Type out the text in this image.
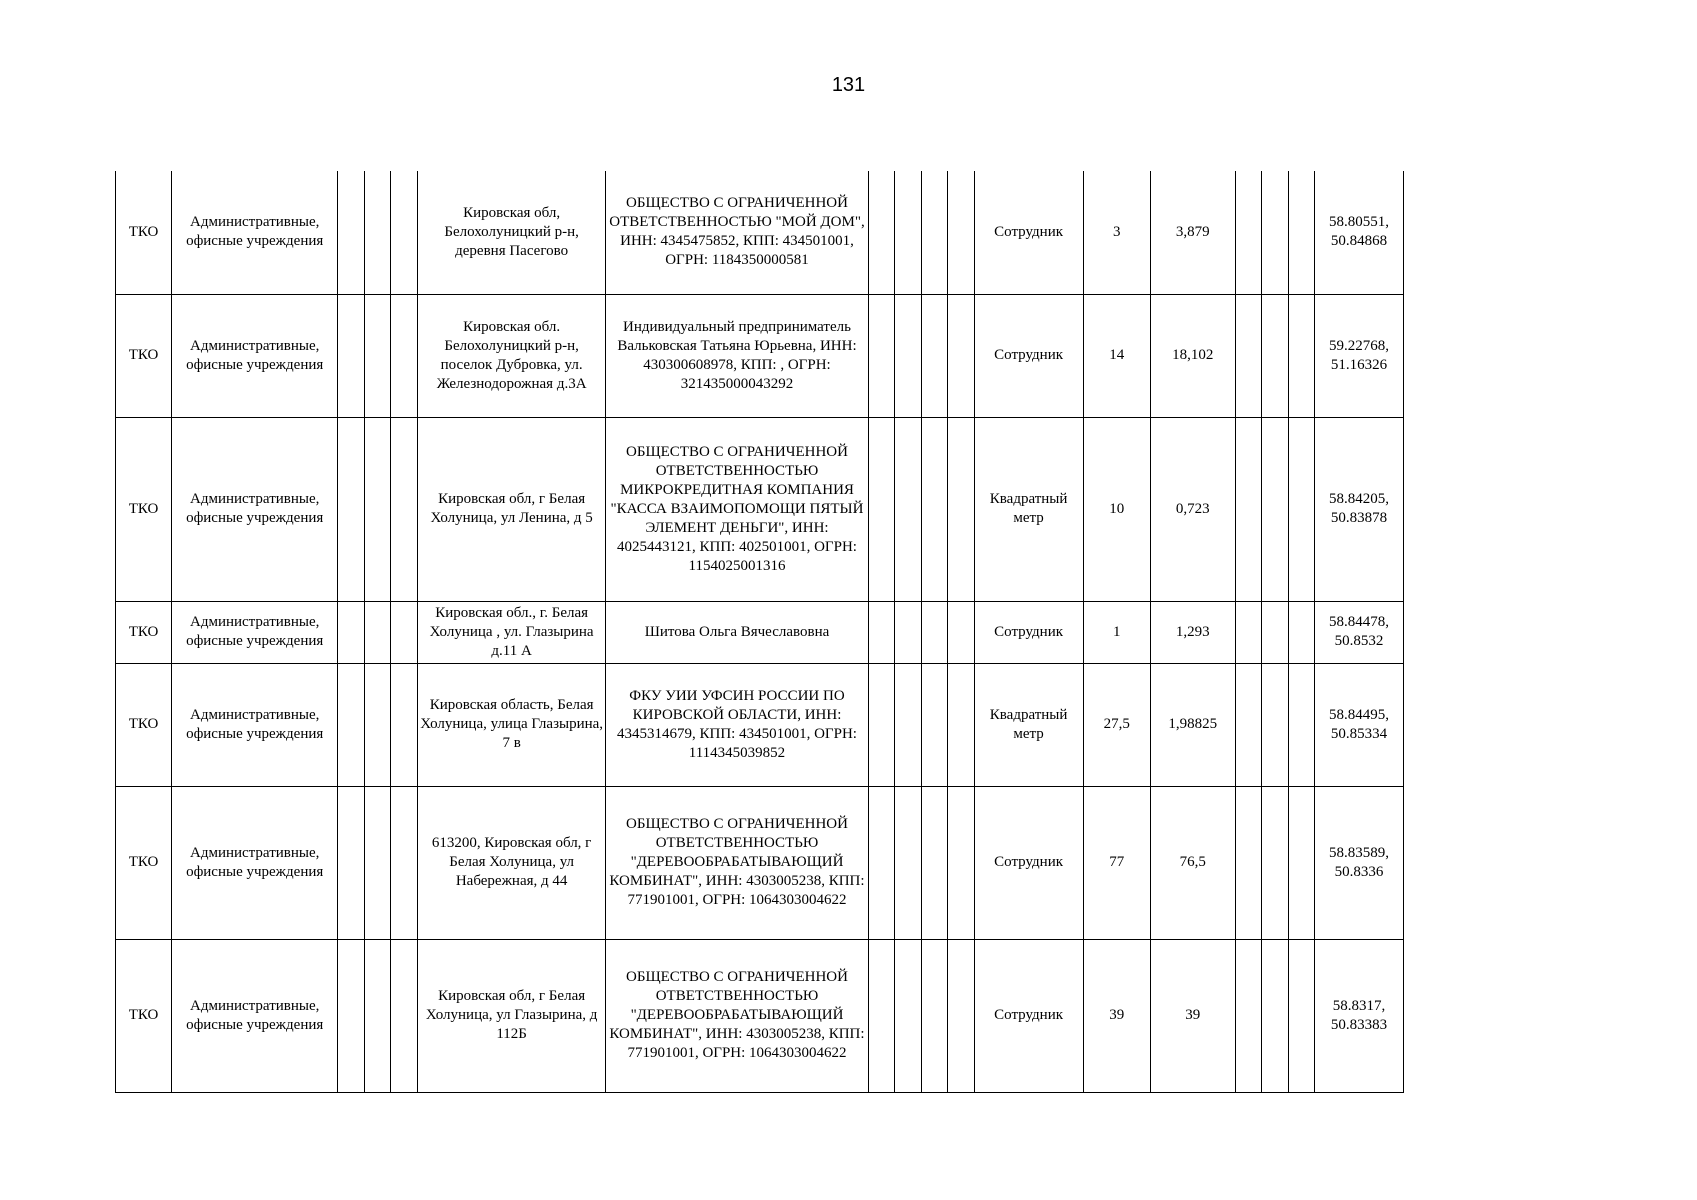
131
ТКО	Административные, офисные учреждения				Кировская обл, Белохолуницкий р-н, деревня Пасегово	ОБЩЕСТВО С ОГРАНИЧЕННОЙ ОТВЕТСТВЕННОСТЬЮ "МОЙ ДОМ", ИНН: 4345475852, КПП: 434501001, ОГРН: 1184350000581					Сотрудник	3	3,879				58.80551, 50.84868
ТКО	Административные, офисные учреждения				Кировская обл. Белохолуницкий р-н, поселок Дубровка, ул. Железнодорожная д.3А	Индивидуальный предприниматель Вальковская Татьяна Юрьевна, ИНН: 430300608978, КПП: , ОГРН: 321435000043292					Сотрудник	14	18,102				59.22768, 51.16326
ТКО	Административные, офисные учреждения				Кировская обл, г Белая Холуница, ул Ленина, д 5	ОБЩЕСТВО С ОГРАНИЧЕННОЙ ОТВЕТСТВЕННОСТЬЮ МИКРОКРЕДИТНАЯ КОМПАНИЯ "КАССА ВЗАИМОПОМОЩИ ПЯТЫЙ ЭЛЕМЕНТ ДЕНЬГИ", ИНН: 4025443121, КПП: 402501001, ОГРН: 1154025001316					Квадратный метр	10	0,723				58.84205, 50.83878
ТКО	Административные, офисные учреждения				Кировская обл., г. Белая Холуница , ул. Глазырина д.11 А	Шитова Ольга Вячеславовна					Сотрудник	1	1,293				58.84478, 50.8532
ТКО	Административные, офисные учреждения				Кировская область, Белая Холуница, улица Глазырина, 7 в	ФКУ УИИ УФСИН РОССИИ ПО КИРОВСКОЙ ОБЛАСТИ, ИНН: 4345314679, КПП: 434501001, ОГРН: 1114345039852					Квадратный метр	27,5	1,98825				58.84495, 50.85334
ТКО	Административные, офисные учреждения				613200, Кировская обл, г Белая Холуница, ул Набережная, д 44	ОБЩЕСТВО С ОГРАНИЧЕННОЙ ОТВЕТСТВЕННОСТЬЮ "ДЕРЕВООБРАБАТЫВАЮЩИЙ КОМБИНАТ", ИНН: 4303005238, КПП: 771901001, ОГРН: 1064303004622					Сотрудник	77	76,5				58.83589, 50.8336
ТКО	Административные, офисные учреждения				Кировская обл, г Белая Холуница, ул Глазырина, д 112Б	ОБЩЕСТВО С ОГРАНИЧЕННОЙ ОТВЕТСТВЕННОСТЬЮ "ДЕРЕВООБРАБАТЫВАЮЩИЙ КОМБИНАТ", ИНН: 4303005238, КПП: 771901001, ОГРН: 1064303004622					Сотрудник	39	39				58.8317, 50.83383
